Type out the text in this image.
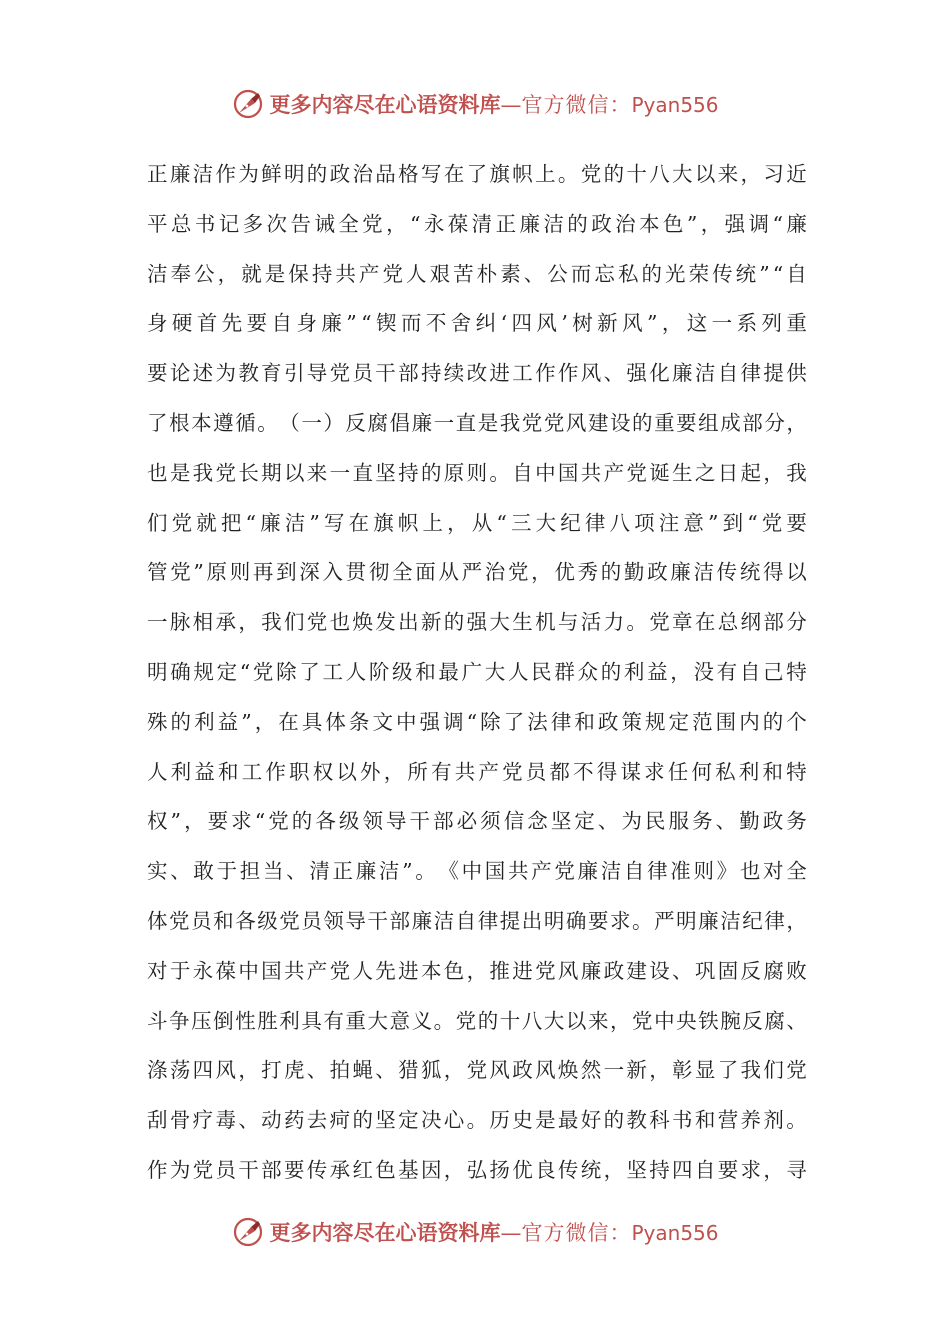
更多内容尽在心语资料库 — 官方微信： Pyan556
正 廉 洁 作 为 鲜 明 的 政 治 品 格 写 在 了 旗 帜 上 。 党 的 十 八 大 以 来 ， 习 近
平 总 书 记 多 次 告 诫 全 党 ， “ 永 葆 清 正 廉 洁 的 政 治 本 色 ” ， 强 调 “ 廉
洁 奉 公 ， 就 是 保 持 共 产 党 人 艰 苦 朴 素 、 公 而 忘 私 的 光 荣 传 统 ” “ 自
身 硬 首 先 要 自 身 廉 ” “ 锲 而 不 舍 纠 ‘ 四 风 ’ 树 新 风 ” ， 这 一 系 列 重
要 论 述 为 教 育 引 导 党 员 干 部 持 续 改 进 工 作 作 风 、 强 化 廉 洁 自 律 提 供
了 根 本 遵 循 。 （ 一 ） 反 腐 倡 廉 一 直 是 我 党 党 风 建 设 的 重 要 组 成 部 分 ，
也 是 我 党 长 期 以 来 一 直 坚 持 的 原 则 。 自 中 国 共 产 党 诞 生 之 日 起 ， 我
们 党 就 把 “ 廉 洁 ” 写 在 旗 帜 上 ， 从 “ 三 大 纪 律 八 项 注 意 ” 到 “ 党 要
管 党 ” 原 则 再 到 深 入 贯 彻 全 面 从 严 治 党 ， 优 秀 的 勤 政 廉 洁 传 统 得 以
一 脉 相 承 ， 我 们 党 也 焕 发 出 新 的 强 大 生 机 与 活 力 。 党 章 在 总 纲 部 分
明 确 规 定 “ 党 除 了 工 人 阶 级 和 最 广 大 人 民 群 众 的 利 益 ， 没 有 自 己 特
殊 的 利 益 ” ， 在 具 体 条 文 中 强 调 “ 除 了 法 律 和 政 策 规 定 范 围 内 的 个
人 利 益 和 工 作 职 权 以 外 ， 所 有 共 产 党 员 都 不 得 谋 求 任 何 私 利 和 特
权 ” ， 要 求 “ 党 的 各 级 领 导 干 部 必 须 信 念 坚 定 、 为 民 服 务 、 勤 政 务
实 、 敢 于 担 当 、 清 正 廉 洁 ” 。 《 中 国 共 产 党 廉 洁 自 律 准 则 》 也 对 全
体 党 员 和 各 级 党 员 领 导 干 部 廉 洁 自 律 提 出 明 确 要 求 。 严 明 廉 洁 纪 律 ，
对 于 永 葆 中 国 共 产 党 人 先 进 本 色 ， 推 进 党 风 廉 政 建 设 、 巩 固 反 腐 败
斗 争 压 倒 性 胜 利 具 有 重 大 意 义 。 党 的 十 八 大 以 来 ， 党 中 央 铁 腕 反 腐 、
涤 荡 四 风 ， 打 虎 、 拍 蝇 、 猎 狐 ， 党 风 政 风 焕 然 一 新 ， 彰 显 了 我 们 党
刮 骨 疗 毒 、 动 药 去 疴 的 坚 定 决 心 。 历 史 是 最 好 的 教 科 书 和 营 养 剂 。
作 为 党 员 干 部 要 传 承 红 色 基 因 ， 弘 扬 优 良 传 统 ， 坚 持 四 自 要 求 ， 寻
更多内容尽在心语资料库 — 官方微信： Pyan556
